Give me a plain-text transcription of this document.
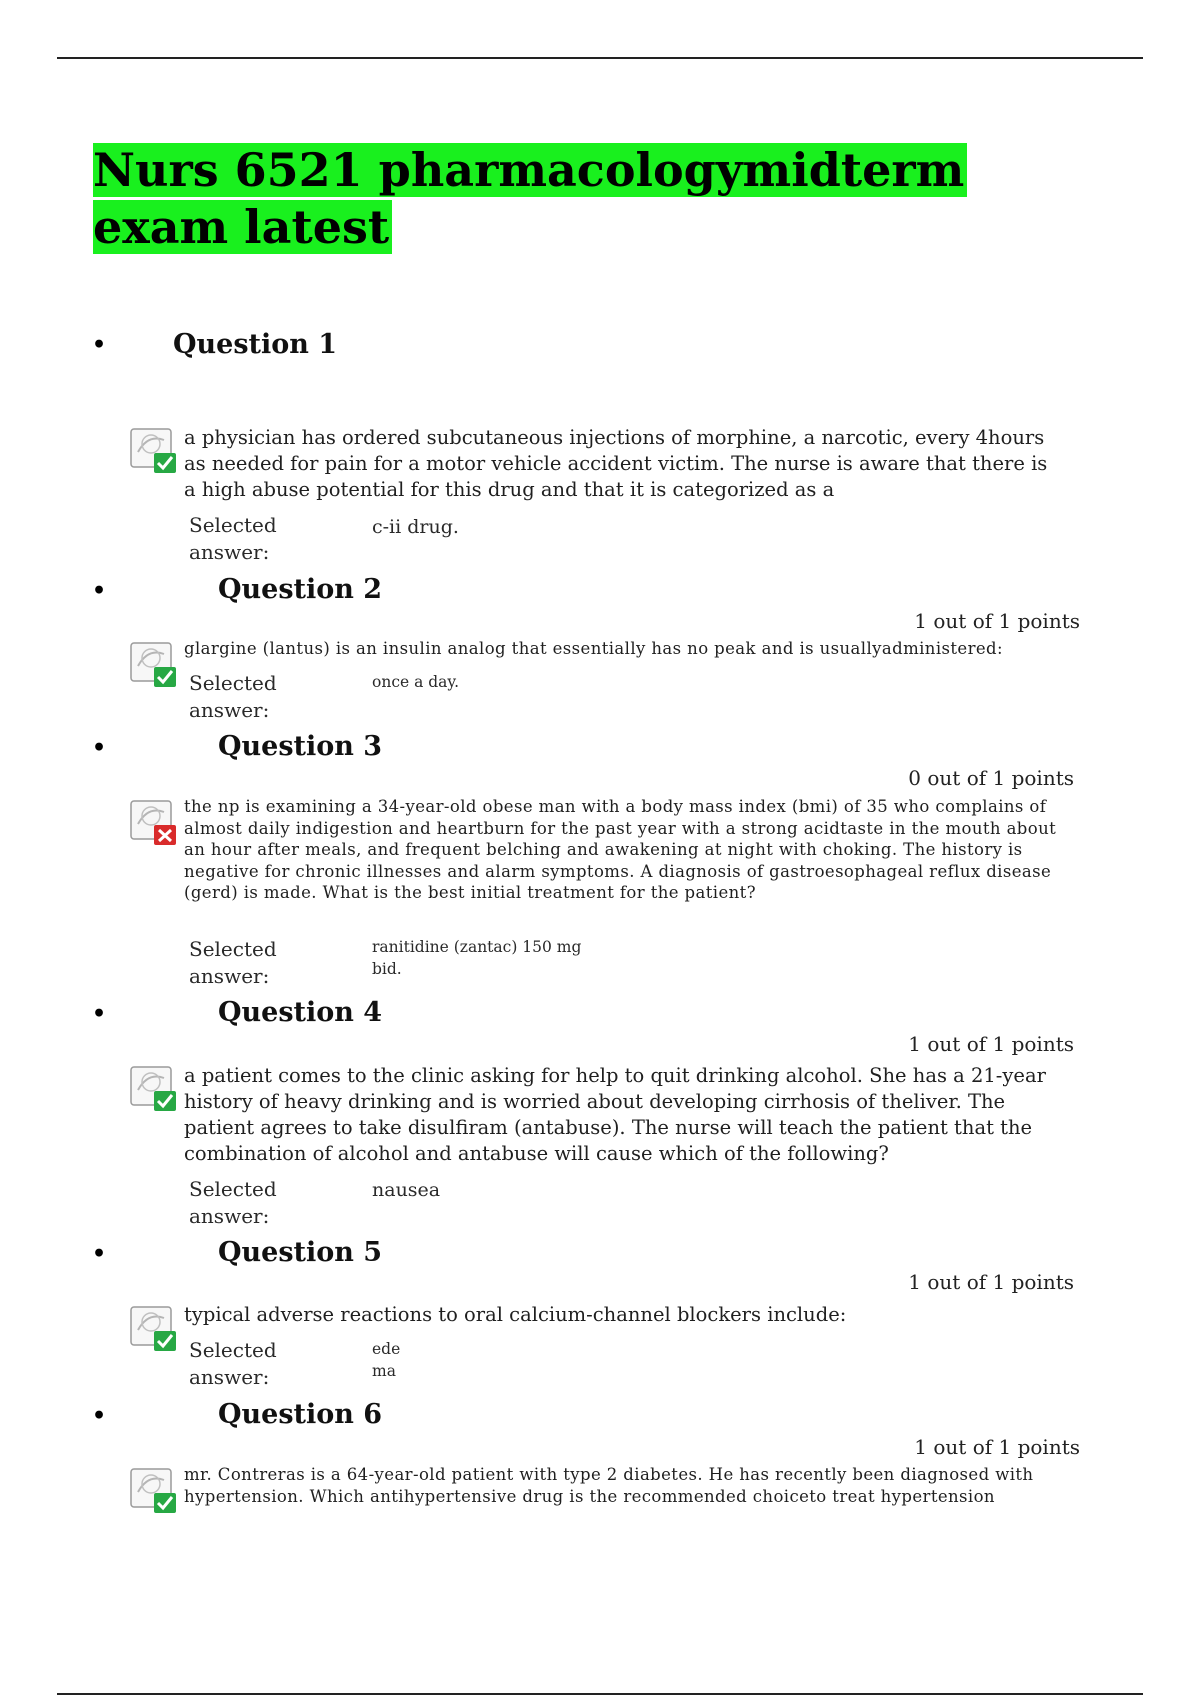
Nurs 6521 pharmacologymidterm exam latest
• Question 1
a physician has ordered subcutaneous injections of morphine, a narcotic, every 4hours as needed for pain for a motor vehicle accident victim. The nurse is aware that there is a high abuse potential for this drug and that it is categorized as a
Selected answer:
c-ii drug.
•	Question 2
1 out of 1 points
glargine (lantus) is an insulin analog that essentially has no peak and is usuallyadministered:
Selected answer:
once a day.
•	Question 3
0 out of 1 points
the np is examining a 34-year-old obese man with a body mass index (bmi) of 35 who complains of almost daily indigestion and heartburn for the past year with a strong acidtaste in the mouth about an hour after meals, and frequent belching and awakening at night with choking. The history is negative for chronic illnesses and alarm symptoms. A diagnosis of gastroesophageal reflux disease (gerd) is made. What is the best initial treatment for the patient?
Selected answer:
ranitidine (zantac) 150 mg bid.
•	Question 4
1 out of 1 points
a patient comes to the clinic asking for help to quit drinking alcohol. She has a 21-year history of heavy drinking and is worried about developing cirrhosis of theliver. The patient agrees to take disulfiram (antabuse). The nurse will teach the patient that the combination of alcohol and antabuse will cause which of the following?
Selected answer:
nausea
•	Question 5
1 out of 1 points
typical adverse reactions to oral calcium-channel blockers include:
Selected answer:
ede ma
•	Question 6
1 out of 1 points
mr. Contreras is a 64-year-old patient with type 2 diabetes. He has recently been diagnosed with hypertension. Which antihypertensive drug is the recommended choiceto treat hypertension
